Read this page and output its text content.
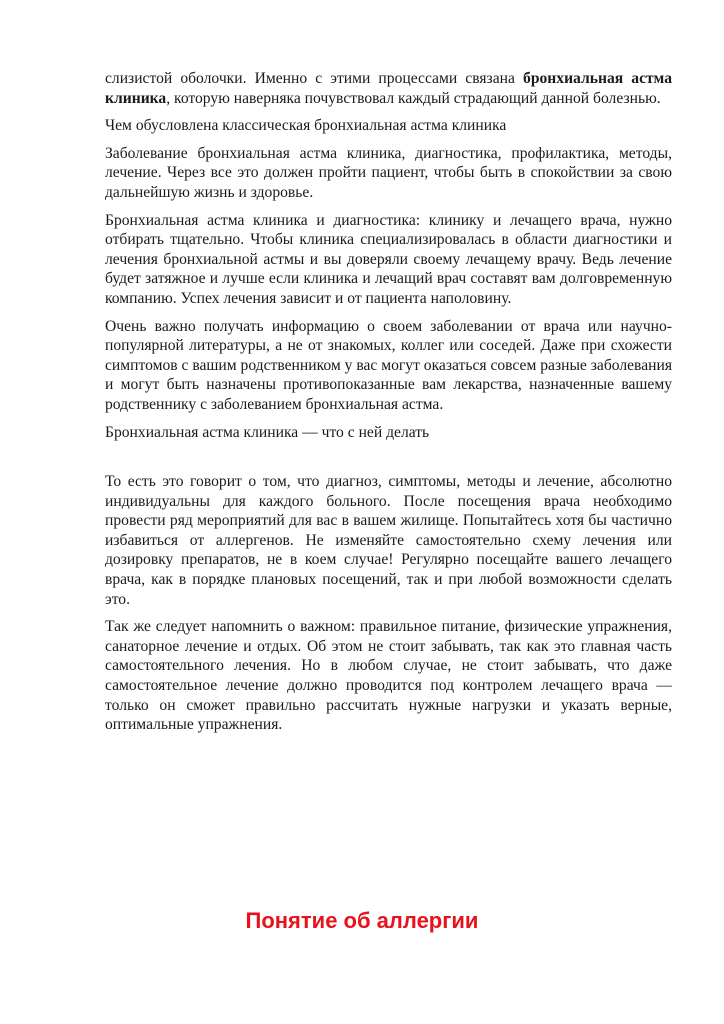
слизистой оболочки. Именно с этими процессами связана бронхиальная астма клиника, которую наверняка почувствовал каждый страдающий данной болезнью.

Чем обусловлена классическая бронхиальная астма клиника

Заболевание бронхиальная астма клиника, диагностика, профилактика, методы, лечение. Через все это должен пройти пациент, чтобы быть в спокойствии за свою дальнейшую жизнь и здоровье.

Бронхиальная астма клиника и диагностика: клинику и лечащего врача, нужно отбирать тщательно. Чтобы клиника специализировалась в области диагностики и лечения бронхиальной астмы и вы доверяли своему лечащему врачу. Ведь лечение будет затяжное и лучше если клиника и лечащий врач составят вам долговременную компанию. Успех лечения зависит и от пациента наполовину.

Очень важно получать информацию о своем заболевании от врача или научно-популярной литературы, а не от знакомых, коллег или соседей. Даже при схожести симптомов с вашим родственником у вас могут оказаться совсем разные заболевания и могут быть назначены противопоказанные вам лекарства, назначенные вашему родственнику с заболеванием бронхиальная астма.

Бронхиальная астма клиника — что с ней делать

То есть это говорит о том, что диагноз, симптомы, методы и лечение, абсолютно индивидуальны для каждого больного. После посещения врача необходимо провести ряд мероприятий для вас в вашем жилище. Попытайтесь хотя бы частично избавиться от аллергенов. Не изменяйте самостоятельно схему лечения или дозировку препаратов, не в коем случае! Регулярно посещайте вашего лечащего врача, как в порядке плановых посещений, так и при любой возможности сделать это.

Так же следует напомнить о важном: правильное питание, физические упражнения, санаторное лечение и отдых. Об этом не стоит забывать, так как это главная часть самостоятельного лечения. Но в любом случае, не стоит забывать, что даже самостоятельное лечение должно проводится под контролем лечащего врача — только он сможет правильно рассчитать нужные нагрузки и указать верные, оптимальные упражнения.

Понятие об аллергии
